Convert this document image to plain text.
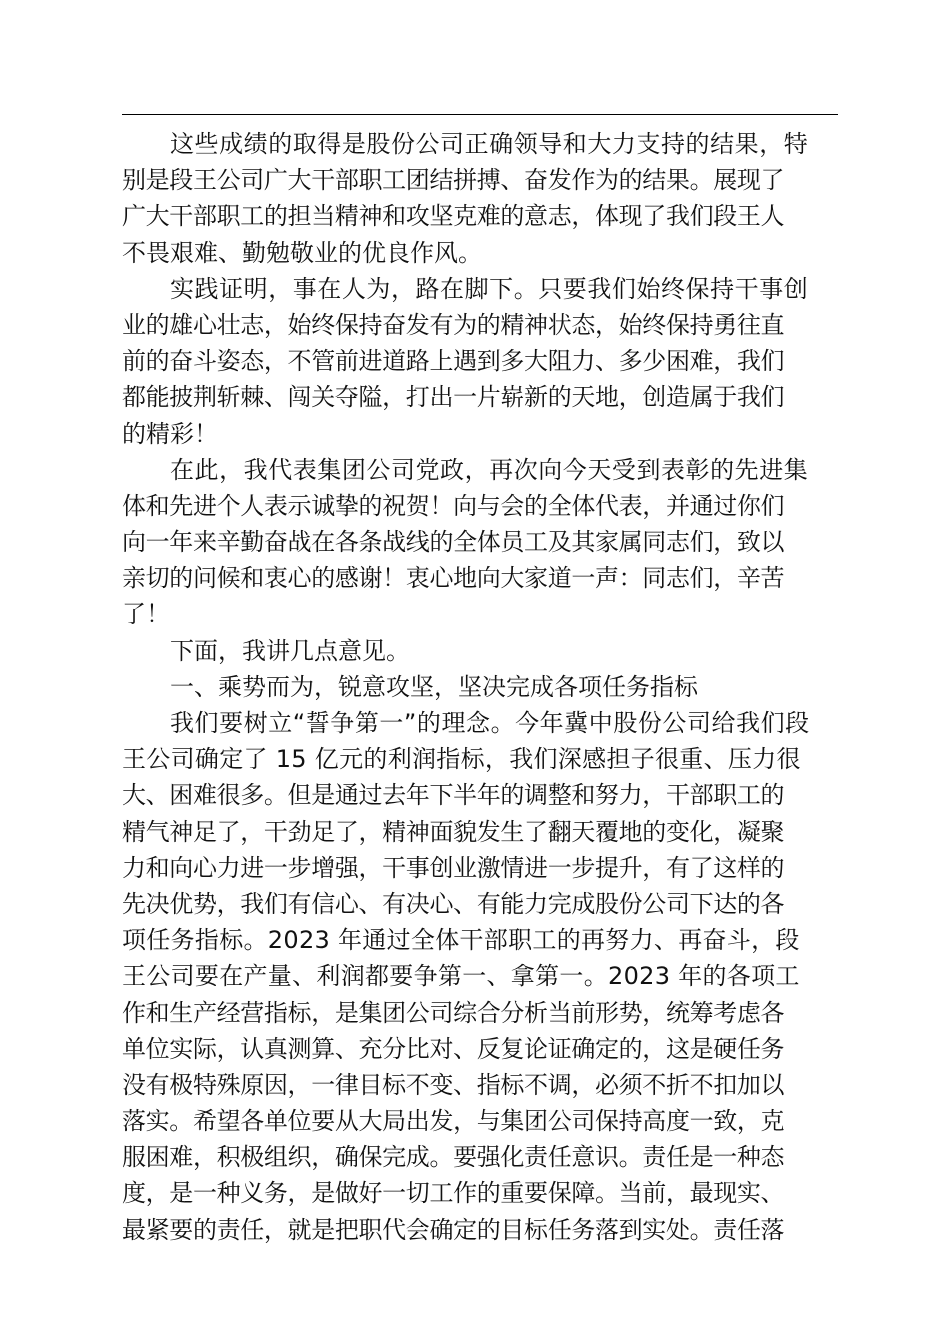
这些成绩的取得是股份公司正确领导和大力支持的结果，特
别是段王公司广大干部职工团结拼搏、奋发作为的结果。展现了
广大干部职工的担当精神和攻坚克难的意志，体现了我们段王人
不畏艰难、勤勉敬业的优良作风。
实践证明，事在人为，路在脚下。只要我们始终保持干事创
业的雄心壮志，始终保持奋发有为的精神状态，始终保持勇往直
前的奋斗姿态，不管前进道路上遇到多大阻力、多少困难，我们
都能披荆斩棘、闯关夺隘，打出一片崭新的天地，创造属于我们
的精彩！
在此，我代表集团公司党政，再次向今天受到表彰的先进集
体和先进个人表示诚挚的祝贺！向与会的全体代表，并通过你们
向一年来辛勤奋战在各条战线的全体员工及其家属同志们，致以
亲切的问候和衷心的感谢！衷心地向大家道一声：同志们，辛苦
了！
下面，我讲几点意见。
一、乘势而为，锐意攻坚，坚决完成各项任务指标
我们要树立“誓争第一”的理念。今年冀中股份公司给我们段
王公司确定了 15 亿元的利润指标，我们深感担子很重、压力很
大、困难很多。但是通过去年下半年的调整和努力，干部职工的
精气神足了，干劲足了，精神面貌发生了翻天覆地的变化，凝聚
力和向心力进一步增强，干事创业激情进一步提升，有了这样的
先决优势，我们有信心、有决心、有能力完成股份公司下达的各
项任务指标。2023 年通过全体干部职工的再努力、再奋斗，段
王公司要在产量、利润都要争第一、拿第一。2023 年的各项工
作和生产经营指标，是集团公司综合分析当前形势，统筹考虑各
单位实际，认真测算、充分比对、反复论证确定的，这是硬任务
没有极特殊原因，一律目标不变、指标不调，必须不折不扣加以
落实。希望各单位要从大局出发，与集团公司保持高度一致，克
服困难，积极组织，确保完成。要强化责任意识。责任是一种态
度，是一种义务，是做好一切工作的重要保障。当前，最现实、
最紧要的责任，就是把职代会确定的目标任务落到实处。责任落
